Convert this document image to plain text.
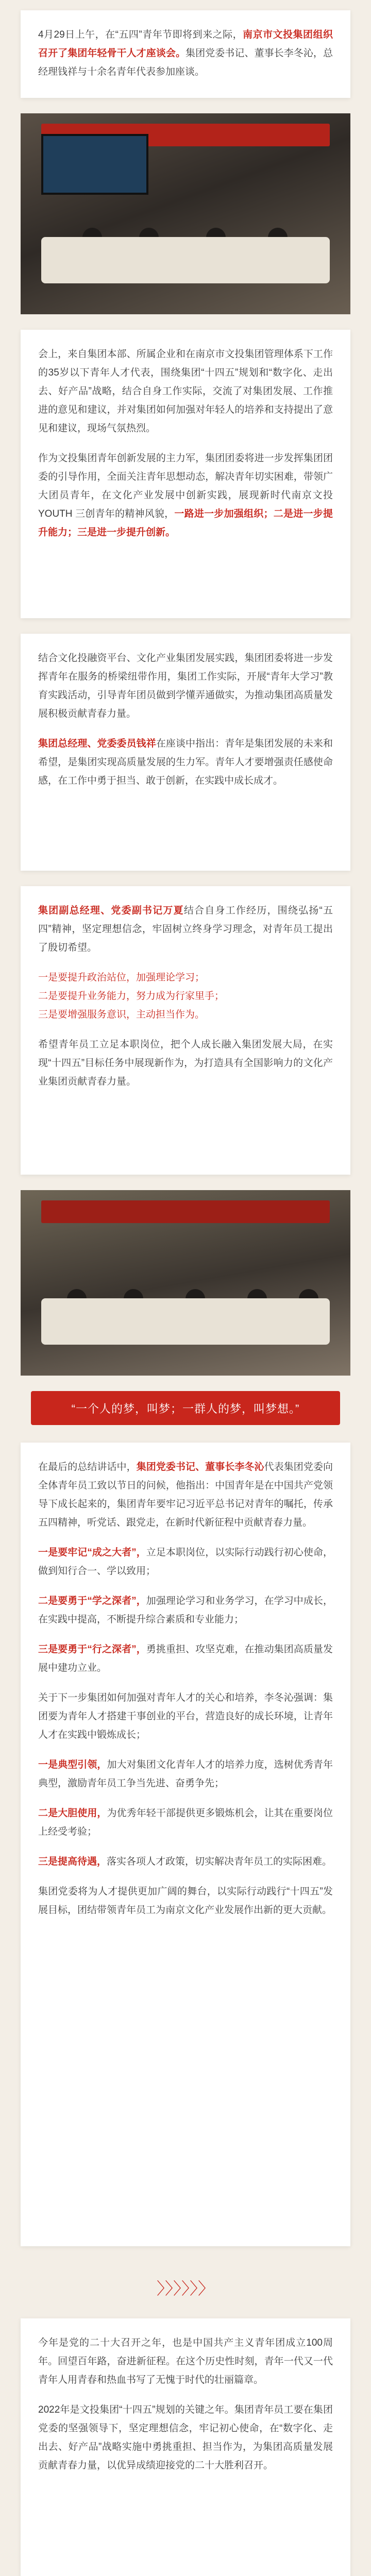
4月29日上午，在“五四”青年节即将到来之际，南京市文投集团组织召开了集团年轻骨干人才座谈会。集团党委书记、董事长李冬沁，总经理钱祥与十余名青年代表参加座谈。

会上，来自集团本部、所属企业和在南京市文投集团管理体系下工作的35岁以下青年人才代表，围绕集团“十四五”规划和“数字化、走出去、好产品”战略，结合自身工作实际，交流了对集团发展、工作推进的意见和建议，并对集团如何加强对年轻人的培养和支持提出了意见和建议，现场气氛热烈。

作为文投集团青年创新发展的主力军，集团团委将进一步发挥集团团委的引导作用，全面关注青年思想动态，解决青年切实困难，带领广大团员青年，在文化产业发展中创新实践，展现新时代南京文投YOUTH 三创青年的精神风貌，一路进一步加强组织；二是进一步提升能力；三是进一步提升创新。

结合文化投融资平台、文化产业集团发展实践，集团团委将进一步发挥青年在服务的桥梁纽带作用，集团工作实际，开展“青年大学习”教育实践活动，引导青年团员做到学懂弄通做实，为推动集团高质量发展积极贡献青春力量。

集团总经理、党委委员钱祥在座谈中指出：青年是集团发展的未来和希望，是集团实现高质量发展的生力军。青年人才要增强责任感使命感，在工作中勇于担当、敢于创新，在实践中成长成才。

集团副总经理、党委副书记万夏结合自身工作经历，围绕弘扬“五四”精神，坚定理想信念，牢固树立终身学习理念，对青年员工提出了殷切希望。

一是要提升政治站位，加强理论学习；
二是要提升业务能力，努力成为行家里手；
三是要增强服务意识，主动担当作为。

希望青年员工立足本职岗位，把个人成长融入集团发展大局，在实现“十四五”目标任务中展现新作为，为打造具有全国影响力的文化产业集团贡献青春力量。

“一个人的梦，叫梦；一群人的梦，叫梦想。”

在最后的总结讲话中，集团党委书记、董事长李冬沁代表集团党委向全体青年员工致以节日的问候，他指出：中国青年是在中国共产党领导下成长起来的，集团青年要牢记习近平总书记对青年的嘱托，传承五四精神，听党话、跟党走，在新时代新征程中贡献青春力量。

一是要牢记“成之大者”，立足本职岗位，以实际行动践行初心使命，做到知行合一、学以致用；

二是要勇于“学之深者”，加强理论学习和业务学习，在学习中成长，在实践中提高，不断提升综合素质和专业能力；

三是要勇于“行之深者”，勇挑重担、攻坚克难，在推动集团高质量发展中建功立业。

关于下一步集团如何加强对青年人才的关心和培养，李冬沁强调：集团要为青年人才搭建干事创业的平台，营造良好的成长环境，让青年人才在实践中锻炼成长；

一是典型引领，加大对集团文化青年人才的培养力度，选树优秀青年典型，激励青年员工争当先进、奋勇争先；

二是大胆使用，为优秀年轻干部提供更多锻炼机会，让其在重要岗位上经受考验；

三是提高待遇，落实各项人才政策，切实解决青年员工的实际困难。

集团党委将为人才提供更加广阔的舞台，以实际行动践行“十四五”发展目标，团结带领青年员工为南京文化产业发展作出新的更大贡献。

〉〉〉〉〉〉

今年是党的二十大召开之年，也是中国共产主义青年团成立100周年。回望百年路，奋进新征程。在这个历史性时刻，青年一代又一代青年人用青春和热血书写了无愧于时代的壮丽篇章。

2022年是文投集团“十四五”规划的关键之年。集团青年员工要在集团党委的坚强领导下，坚定理想信念，牢记初心使命，在“数字化、走出去、好产品”战略实施中勇挑重担、担当作为，为集团高质量发展贡献青春力量，以优异成绩迎接党的二十大胜利召开。
